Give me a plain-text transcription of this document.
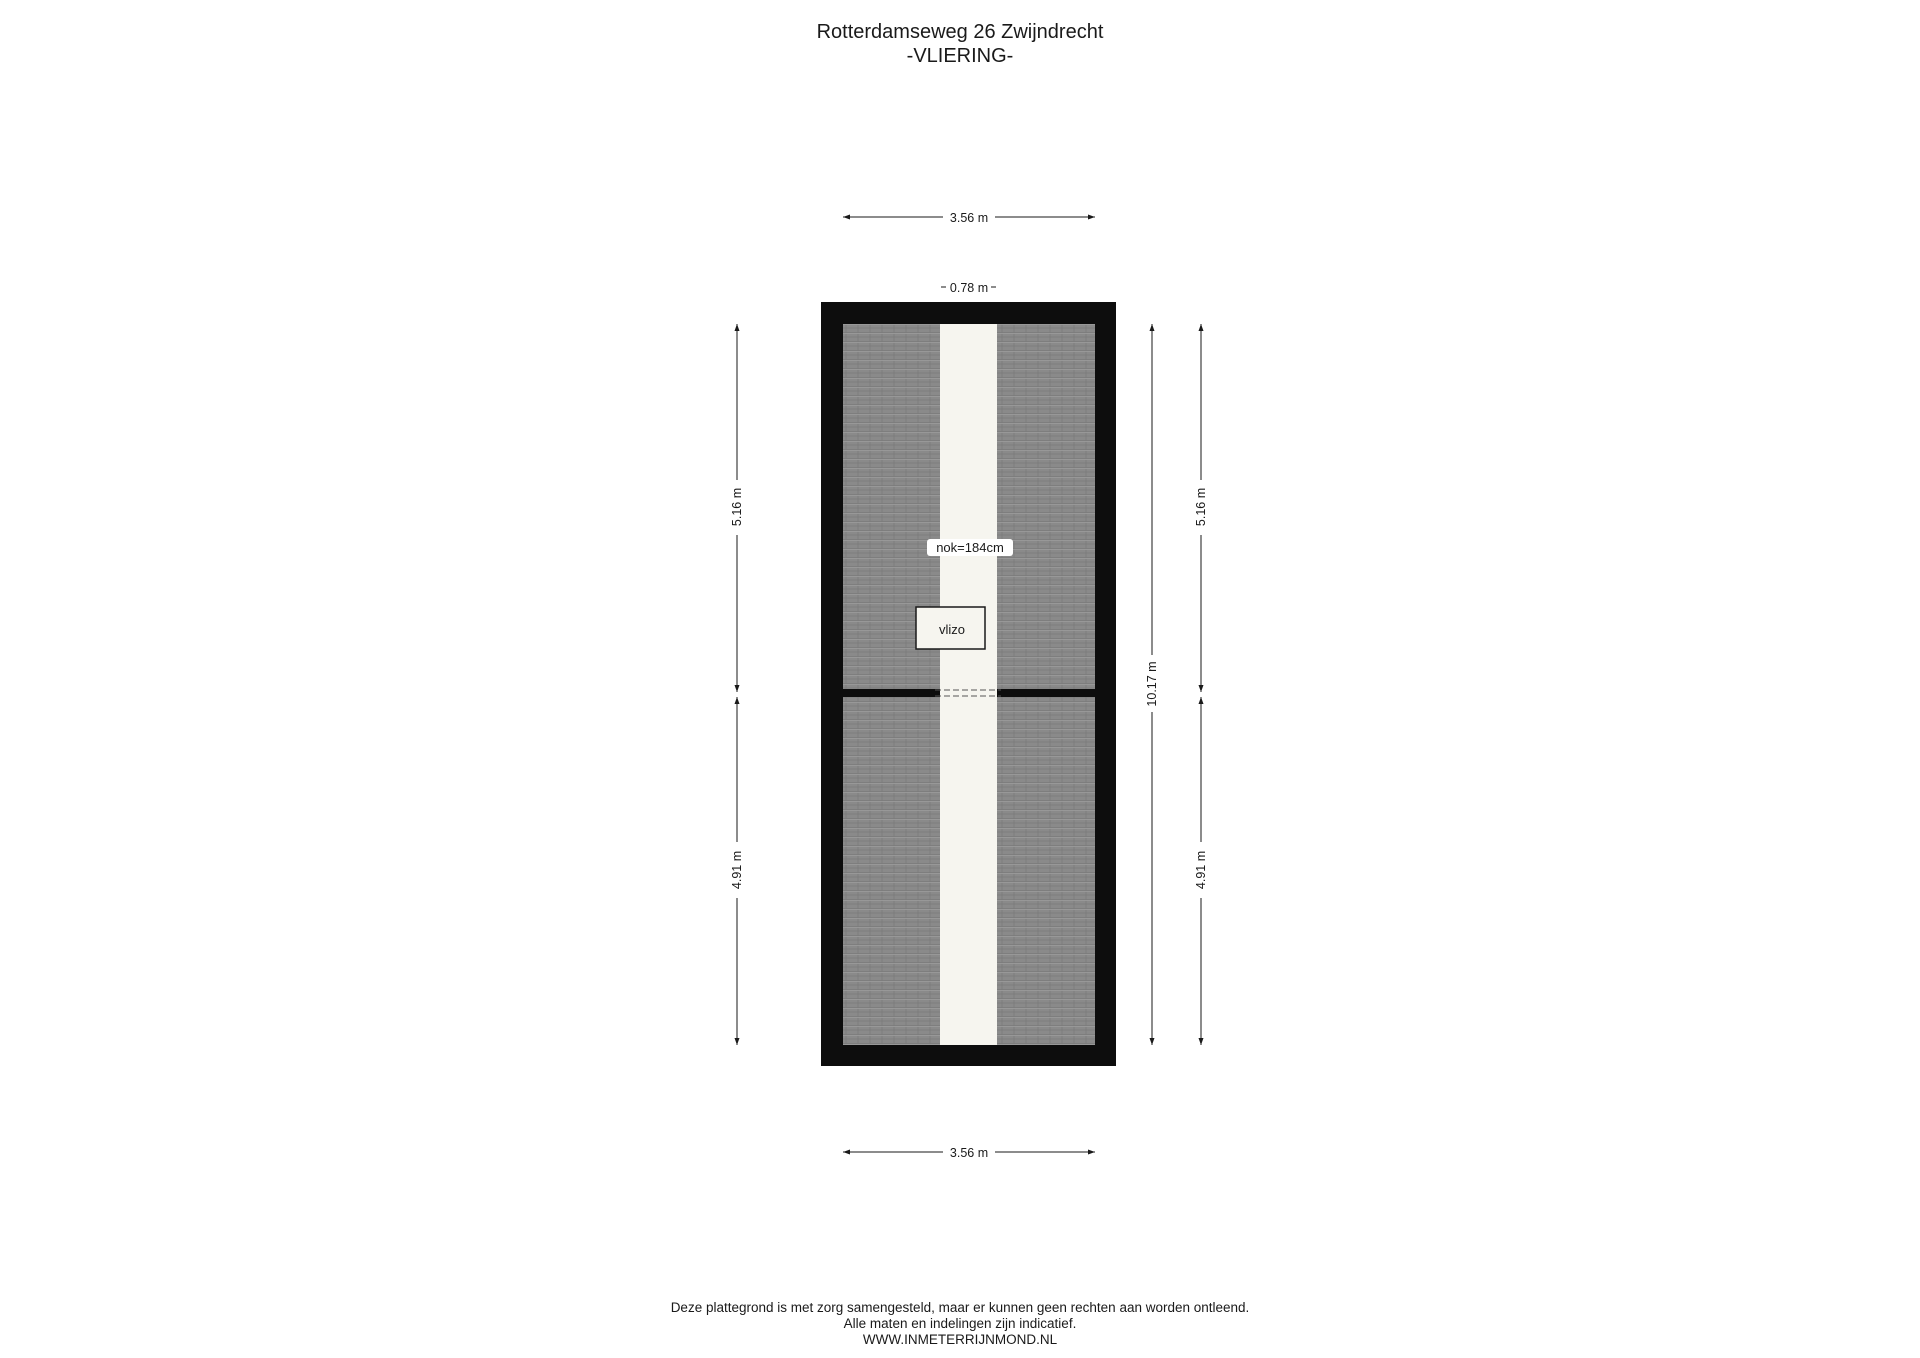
Rotterdamseweg 26 Zwijndrecht
-VLIERING-
nok=184cm
vlizo
3.56 m
0.78 m
3.56 m
5.16 m
4.91 m
10.17 m
5.16 m
4.91 m
Deze plattegrond is met zorg samengesteld, maar er kunnen geen rechten aan worden ontleend.
Alle maten en indelingen zijn indicatief.
WWW.INMETERRIJNMOND.NL
